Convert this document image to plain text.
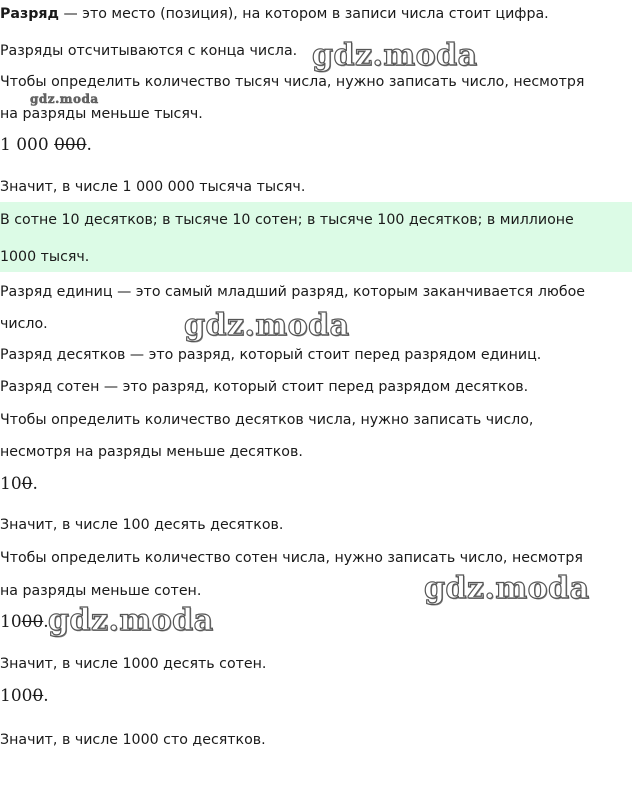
Разряд — это место (позиция), на котором в записи числа стоит цифра.
Разряды отсчитываются с конца числа.
Чтобы определить количество тысяч числа, нужно записать число, несмотря
на разряды меньше тысяч.
1 000 000.
Значит, в числе 1 000 000 тысяча тысяч.
В сотне 10 десятков; в тысяче 10 сотен; в тысяче 100 десятков; в миллионе
1000 тысяч.
Разряд единиц — это самый младший разряд, которым заканчивается любое
число.
Разряд десятков — это разряд, который стоит перед разрядом единиц.
Разряд сотен — это разряд, который стоит перед разрядом десятков.
Чтобы определить количество десятков числа, нужно записать число,
несмотря на разряды меньше десятков.
100.
Значит, в числе 100 десять десятков.
Чтобы определить количество сотен числа, нужно записать число, несмотря
на разряды меньше сотен.
1000.
Значит, в числе 1000 десять сотен.
1000.
Значит, в числе 1000 сто десятков.
gdz.moda
gdz.moda
gdz.moda
gdz.moda
gdz.moda
